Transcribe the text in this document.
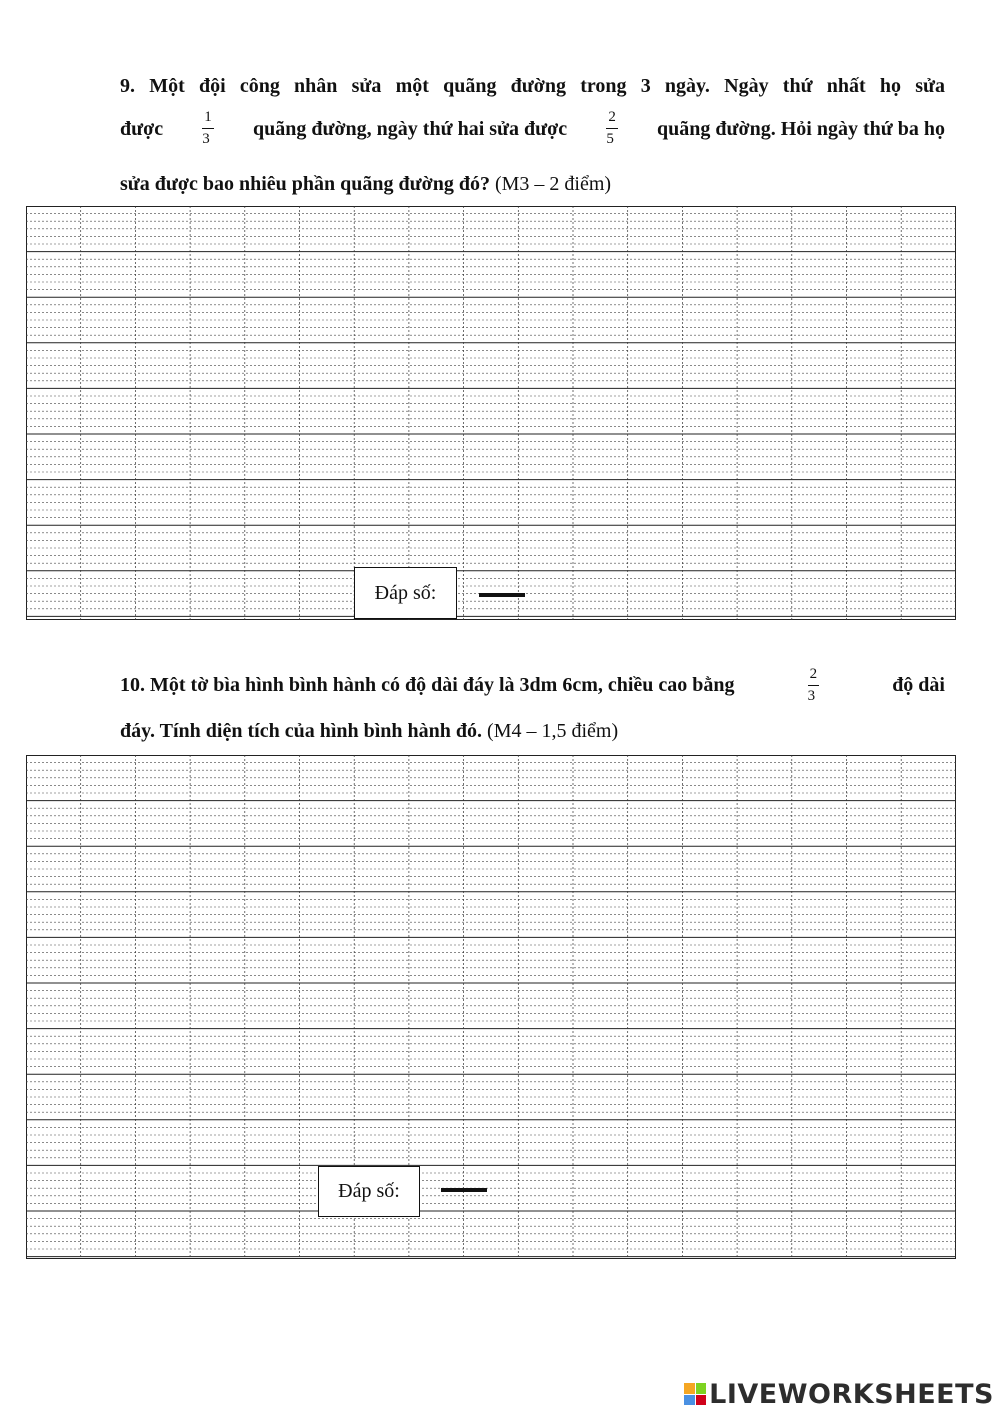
9. Một đội công nhân sửa một quãng đường trong 3 ngày. Ngày thứ nhất họ sửa
được	$\frac{1}{3}$ quãng đường, ngày thứ hai sửa được	$\frac{2}{5}$ quãng đường. Hỏi ngày thứ ba họ
sửa được bao nhiêu phần quãng đường đó? (M3 – 2 điểm)
Đáp số:
10. Một tờ bìa hình bình hành có độ dài đáy là 3dm 6cm, chiều cao bằng	$\frac{2}{3}$	độ dài
đáy. Tính diện tích của hình bình hành đó. (M4 – 1,5 điểm)
Đáp số:
LIVEWORKSHEETS
